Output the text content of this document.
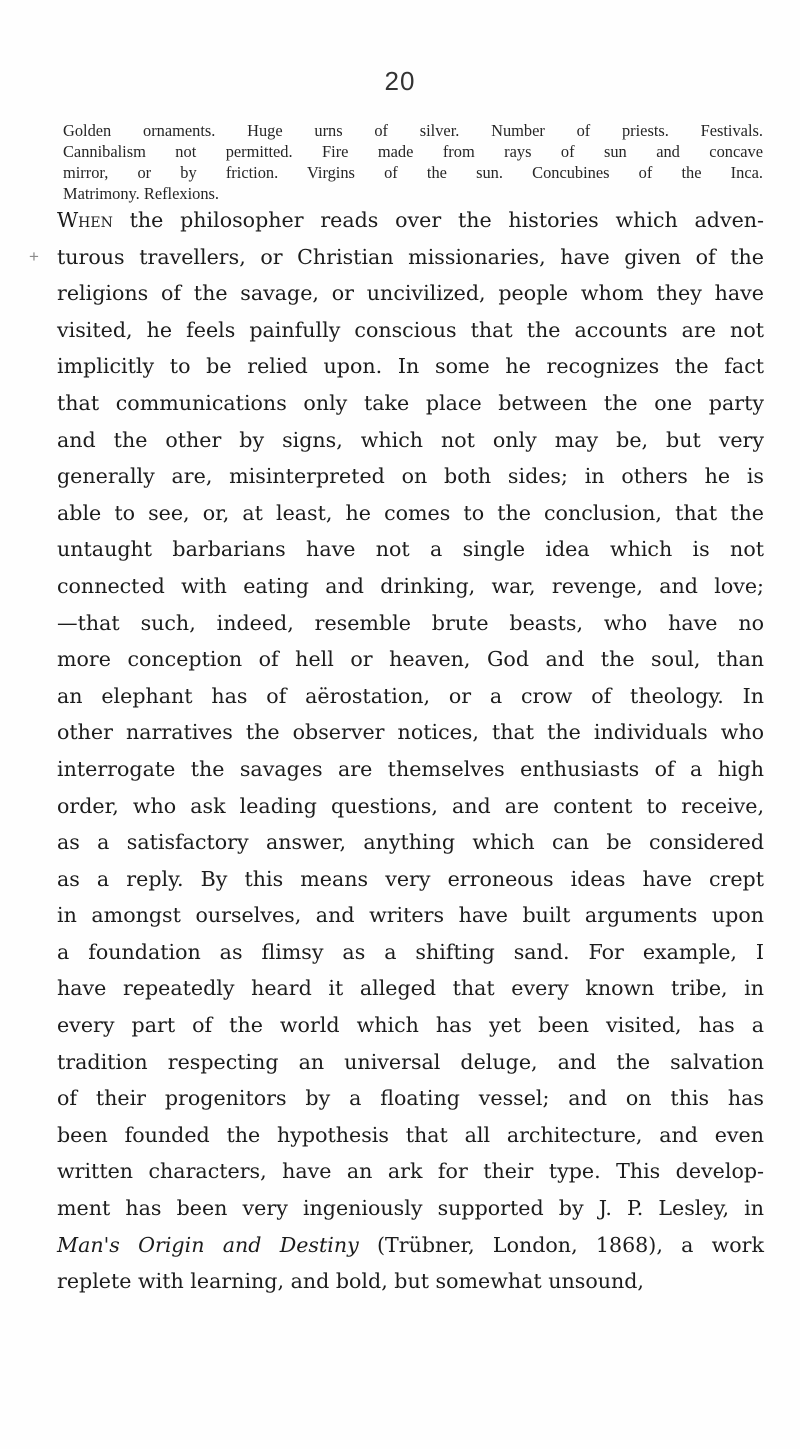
20
+
Golden ornaments. Huge urns of silver. Number of priests. Festivals.
Cannibalism not permitted. Fire made from rays of sun and concave
mirror, or by friction. Virgins of the sun. Concubines of the Inca.
Matrimony. Reflexions.
When the philosopher reads over the histories which adven-
turous travellers, or Christian missionaries, have given of the
religions of the savage, or uncivilized, people whom they have
visited, he feels painfully conscious that the accounts are not
implicitly to be relied upon. In some he recognizes the fact
that communications only take place between the one party
and the other by signs, which not only may be, but very
generally are, misinterpreted on both sides; in others he is
able to see, or, at least, he comes to the conclusion, that the
untaught barbarians have not a single idea which is not
connected with eating and drinking, war, revenge, and love;
—that such, indeed, resemble brute beasts, who have no
more conception of hell or heaven, God and the soul, than
an elephant has of aërostation, or a crow of theology. In
other narratives the observer notices, that the individuals who
interrogate the savages are themselves enthusiasts of a high
order, who ask leading questions, and are content to receive,
as a satisfactory answer, anything which can be considered
as a reply. By this means very erroneous ideas have crept
in amongst ourselves, and writers have built arguments upon
a foundation as flimsy as a shifting sand. For example, I
have repeatedly heard it alleged that every known tribe, in
every part of the world which has yet been visited, has a
tradition respecting an universal deluge, and the salvation
of their progenitors by a floating vessel; and on this has
been founded the hypothesis that all architecture, and even
written characters, have an ark for their type. This develop-
ment has been very ingeniously supported by J. P. Lesley, in
Man's Origin and Destiny (Trübner, London, 1868), a work
replete with learning, and bold, but somewhat unsound,
